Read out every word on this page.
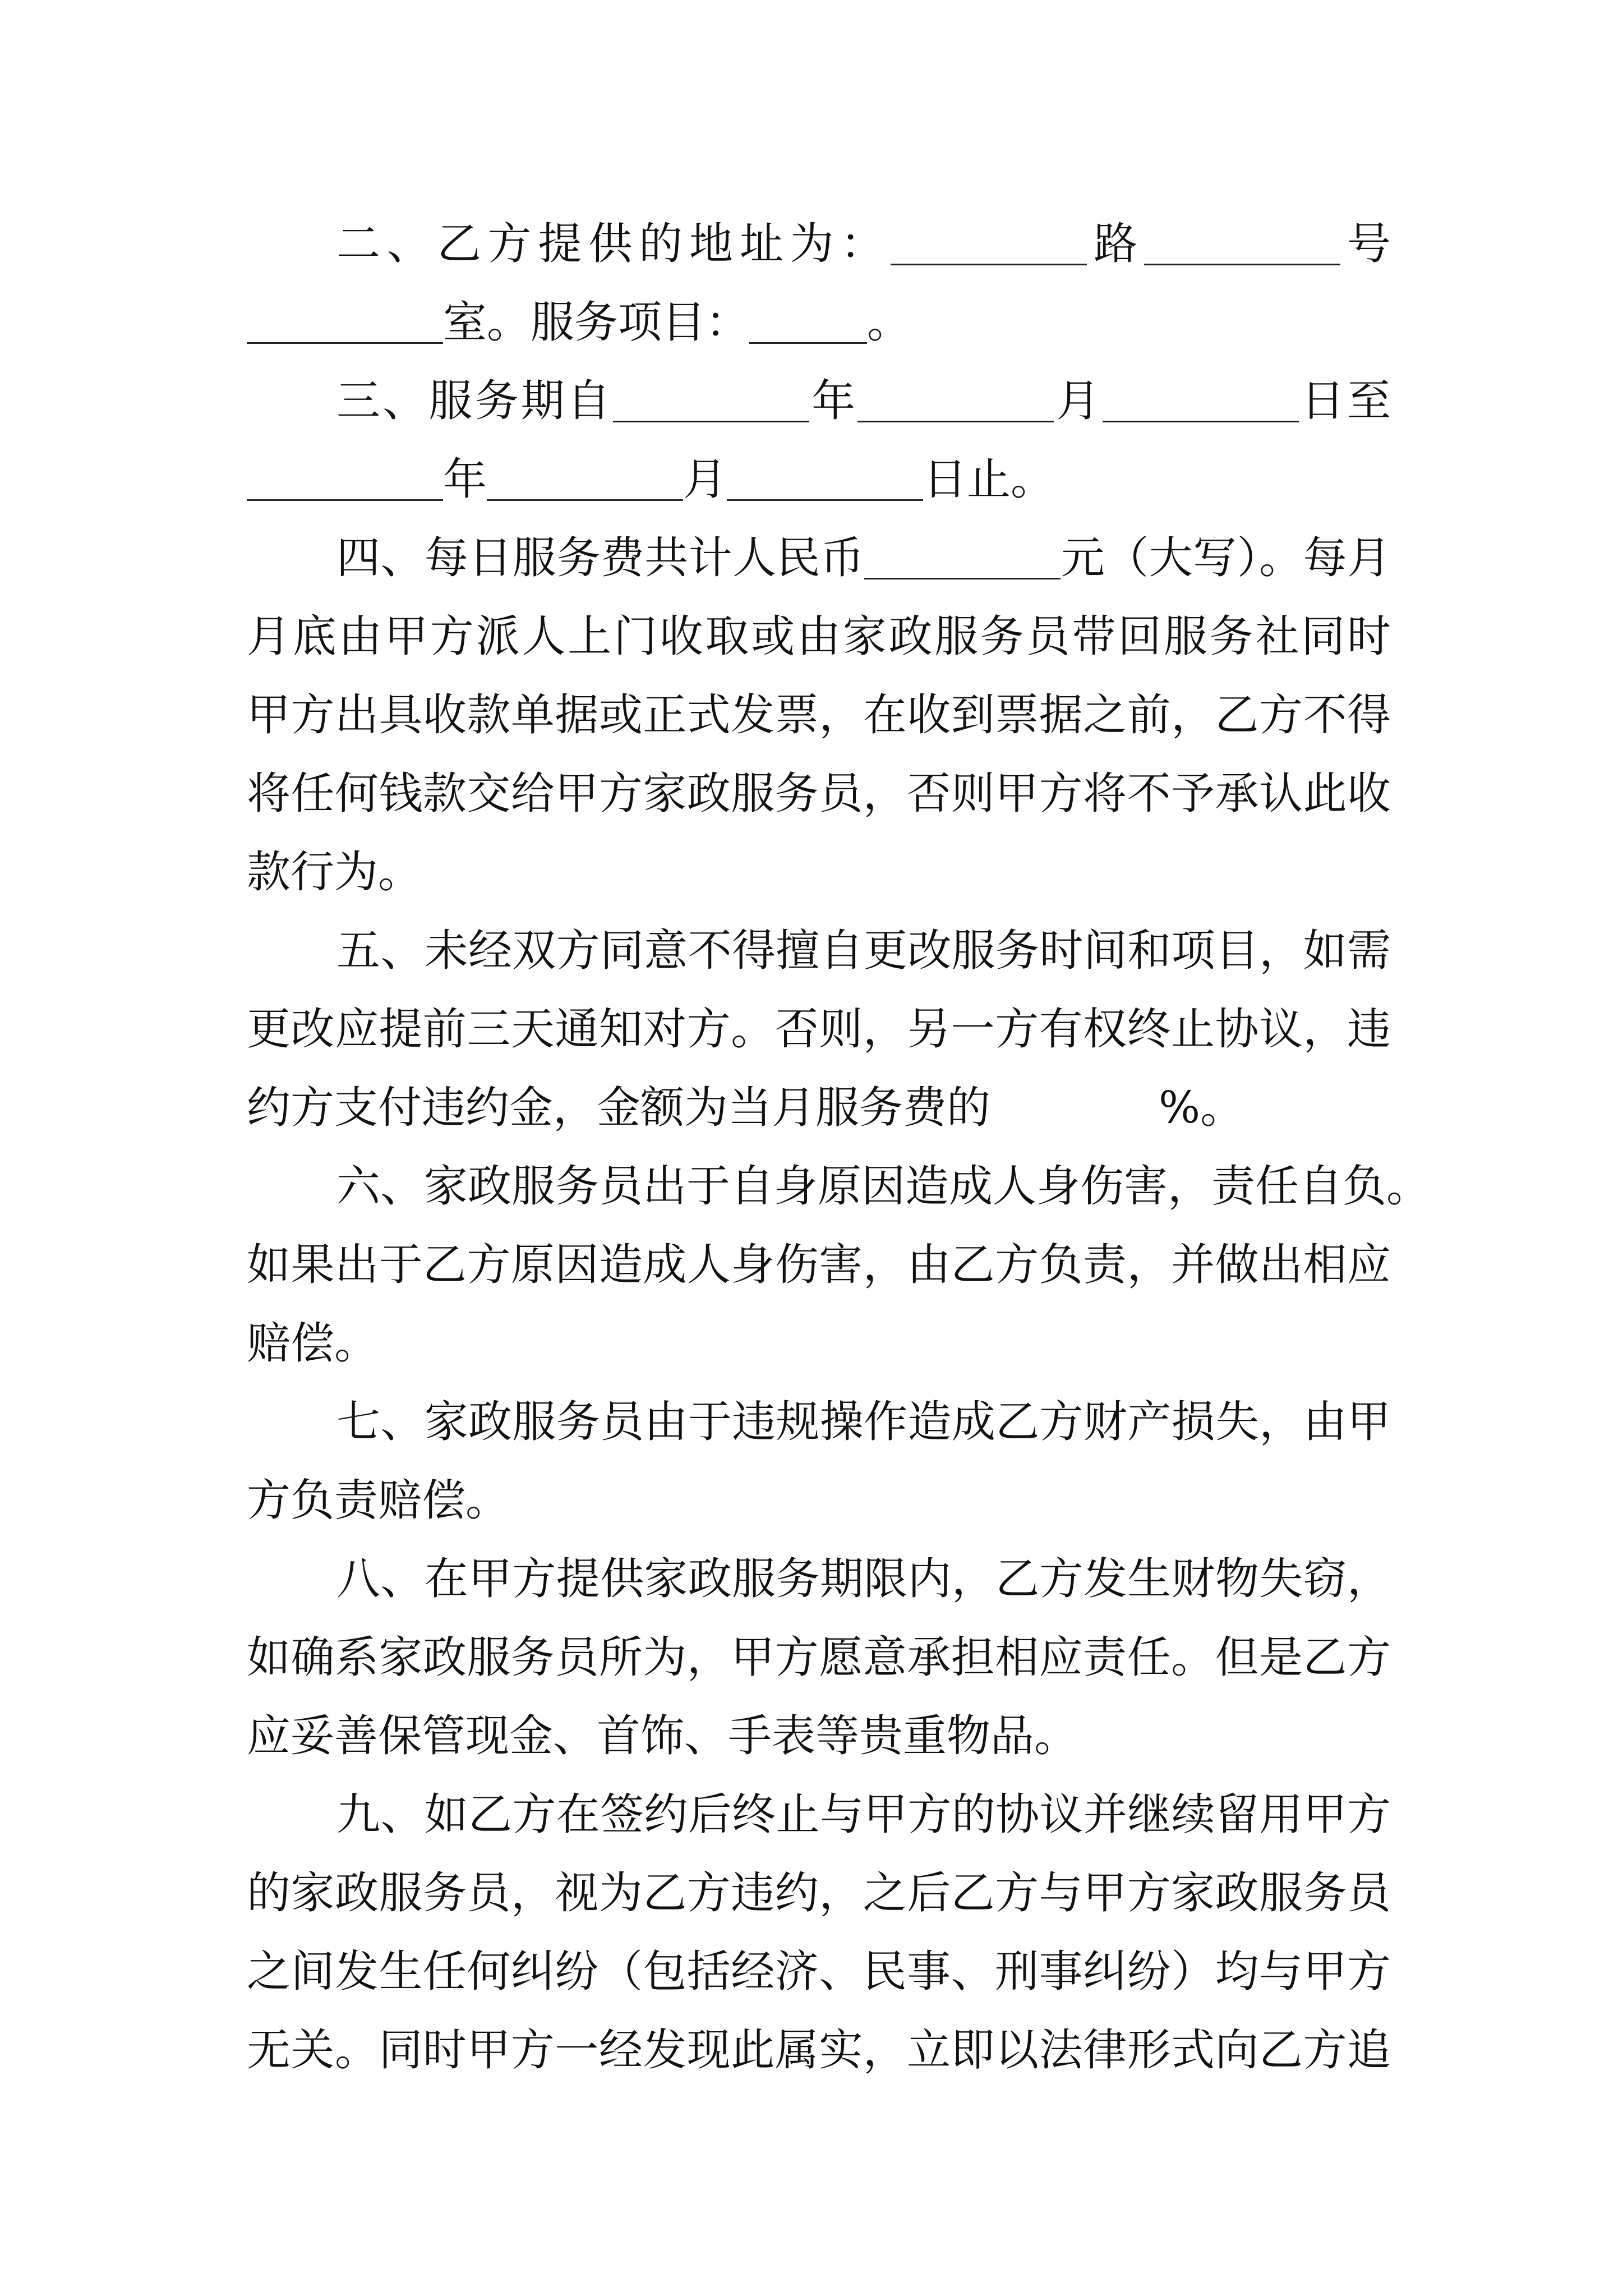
二、乙方提供的地址为：	路	号
室。服务项目：	。
三、服务期自	年	月	日至
年	月	日止。
四、每日服务费共计人民币	元（大写）。每月
月底由甲方派人上门收取或由家政服务员带回服务社同时
甲方出具收款单据或正式发票，在收到票据之前，乙方不得
将任何钱款交给甲方家政服务员，否则甲方将不予承认此收
款行为。
五、未经双方同意不得擅自更改服务时间和项目，如需
更改应提前三天通知对方。否则，另一方有权终止协议，违
约方支付违约金，金额为当月服务费的	%。
六、家政服务员出于自身原因造成人身伤害，责任自负。
如果出于乙方原因造成人身伤害，由乙方负责，并做出相应
赔偿。
七、家政服务员由于违规操作造成乙方财产损失，由甲
方负责赔偿。
八、在甲方提供家政服务期限内，乙方发生财物失窃，
如确系家政服务员所为，甲方愿意承担相应责任。但是乙方
应妥善保管现金、首饰、手表等贵重物品。
九、如乙方在签约后终止与甲方的协议并继续留用甲方
的家政服务员，视为乙方违约，之后乙方与甲方家政服务员
之间发生任何纠纷（包括经济、民事、刑事纠纷）均与甲方
无关。同时甲方一经发现此属实，立即以法律形式向乙方追
